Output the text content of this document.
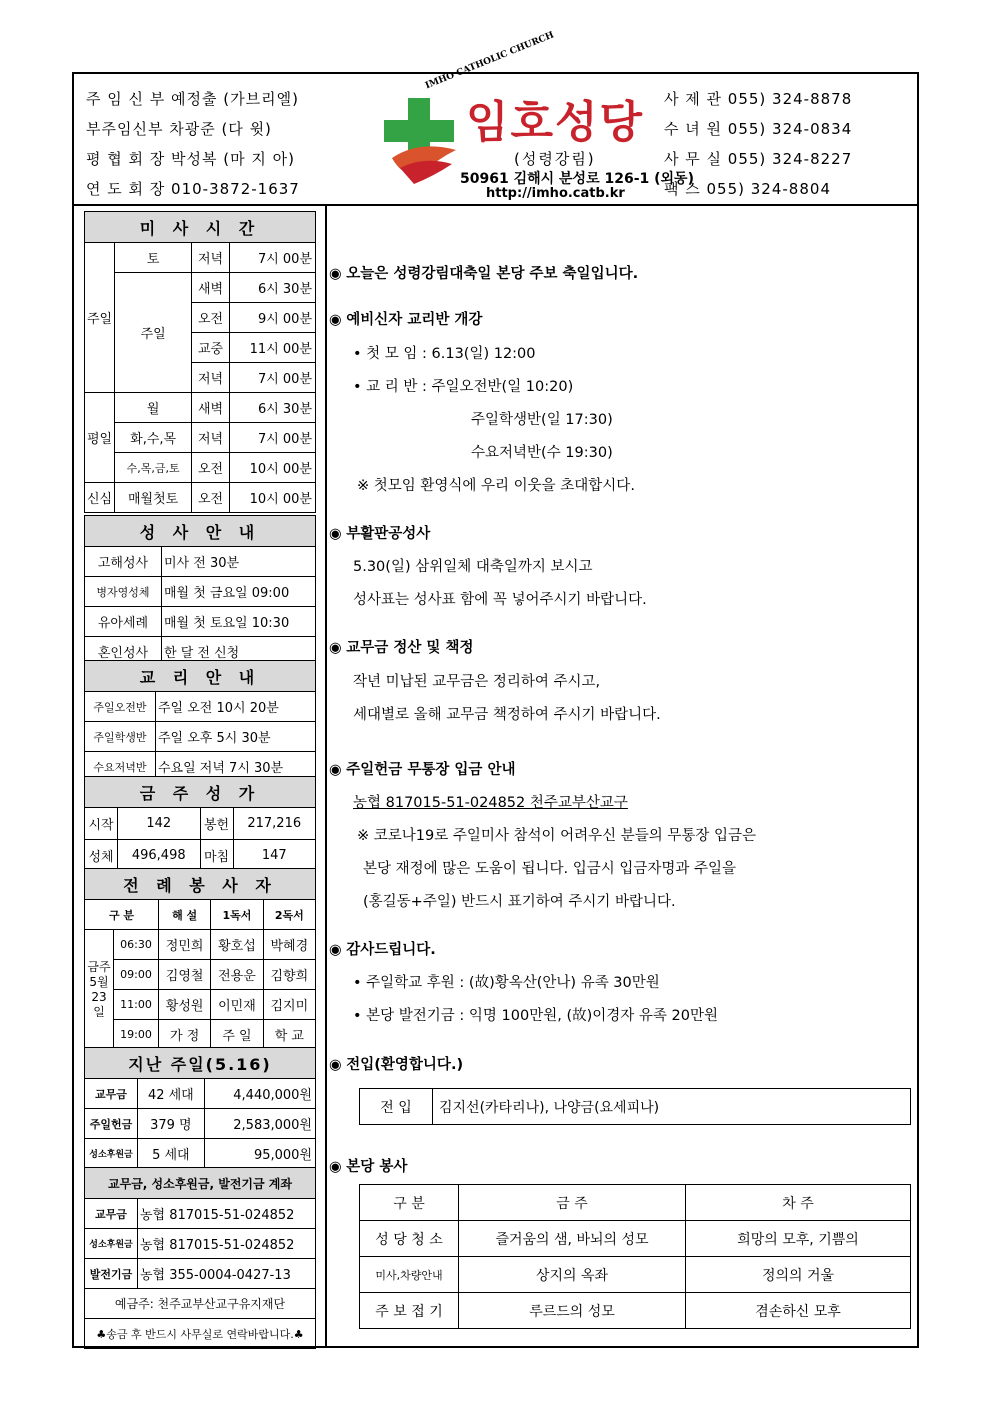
주 임 신 부 예정출 (가브리엘)
부주임신부 차광준 (다 윗)
평 협 회 장 박성복 (마 지 아)
연 도 회 장 010-3872-1637
IMHO CATHOLIC CHURCH
임호성당
(성령강림)
50961 김해시 분성로 126-1 (외동)
http://imho.catb.kr
사 제 관 055) 324-8878
수 녀 원 055) 324-0834
사 무 실 055) 324-8227
팩 스 055) 324-8804
미 사 시 간			
주일	토	저녁	7시 00분
	주일	새벽	6시 30분
		오전	9시 00분
		교중	11시 00분
		저녁	7시 00분
평일	월	새벽	6시 30분
	화,수,목	저녁	7시 00분
	수,목,금,토	오전	10시 00분
신심	매월첫토	오전	10시 00분
성 사 안 내	
고해성사	미사 전 30분
병자영성체	매월 첫 금요일 09:00
유아세례	매월 첫 토요일 10:30
혼인성사	한 달 전 신청
교 리 안 내	
주일오전반	주일 오전 10시 20분
주일학생반	주일 오후 5시 30분
수요저녁반	수요일 저녁 7시 30분
금 주 성 가			
시작	142	봉헌	217,216
성체	496,498	마침	147
전 례 봉 사 자				
구 분		해 설	1독서	2독서
금주 5월 23일	06:30	정민희	황호섭	박혜경
	09:00	김영철	전용운	김향희
	11:00	황성원	이민재	김지미
	19:00	가 정	주 일	학 교
지난 주일(5.16)		
교무금	42 세대	4,440,000원
주일헌금	379 명	2,583,000원
성소후원금	5 세대	95,000원
교무금, 성소후원금, 발전기금 계좌	
교무금	농협 817015-51-024852
성소후원금	농협 817015-51-024852
발전기금	농협 355-0004-0427-13
예금주: 천주교부산교구유지재단	
♣송금 후 반드시 사무실로 연락바랍니다.♣	
◉ 오늘은 성령강림대축일 본당 주보 축일입니다.
◉ 예비신자 교리반 개강
• 첫 모 임 : 6.13(일) 12:00
• 교 리 반 : 주일오전반(일 10:20)
주일학생반(일 17:30)
수요저녁반(수 19:30)
※ 첫모임 환영식에 우리 이웃을 초대합시다.
◉ 부활판공성사
5.30(일) 삼위일체 대축일까지 보시고
성사표는 성사표 함에 꼭 넣어주시기 바랍니다.
◉ 교무금 정산 및 책정
작년 미납된 교무금은 정리하여 주시고,
세대별로 올해 교무금 책정하여 주시기 바랍니다.
◉ 주일헌금 무통장 입금 안내
농협 817015-51-024852 천주교부산교구
※ 코로나19로 주일미사 참석이 어려우신 분들의 무통장 입금은
본당 재정에 많은 도움이 됩니다. 입금시 입금자명과 주일을
(홍길동+주일) 반드시 표기하여 주시기 바랍니다.
◉ 감사드립니다.
• 주일학교 후원 : (故)황옥산(안나) 유족 30만원
• 본당 발전기금 : 익명 100만원, (故)이경자 유족 20만원
◉ 전입(환영합니다.)
전 입	김지선(카타리나), 나양금(요세피나)
◉ 본당 봉사
구 분	금 주	차 주
성 당 청 소	즐거움의 샘, 바뇌의 성모	희망의 모후, 기쁨의
미사,차량안내	상지의 옥좌	정의의 거울
주 보 접 기	루르드의 성모	겸손하신 모후
